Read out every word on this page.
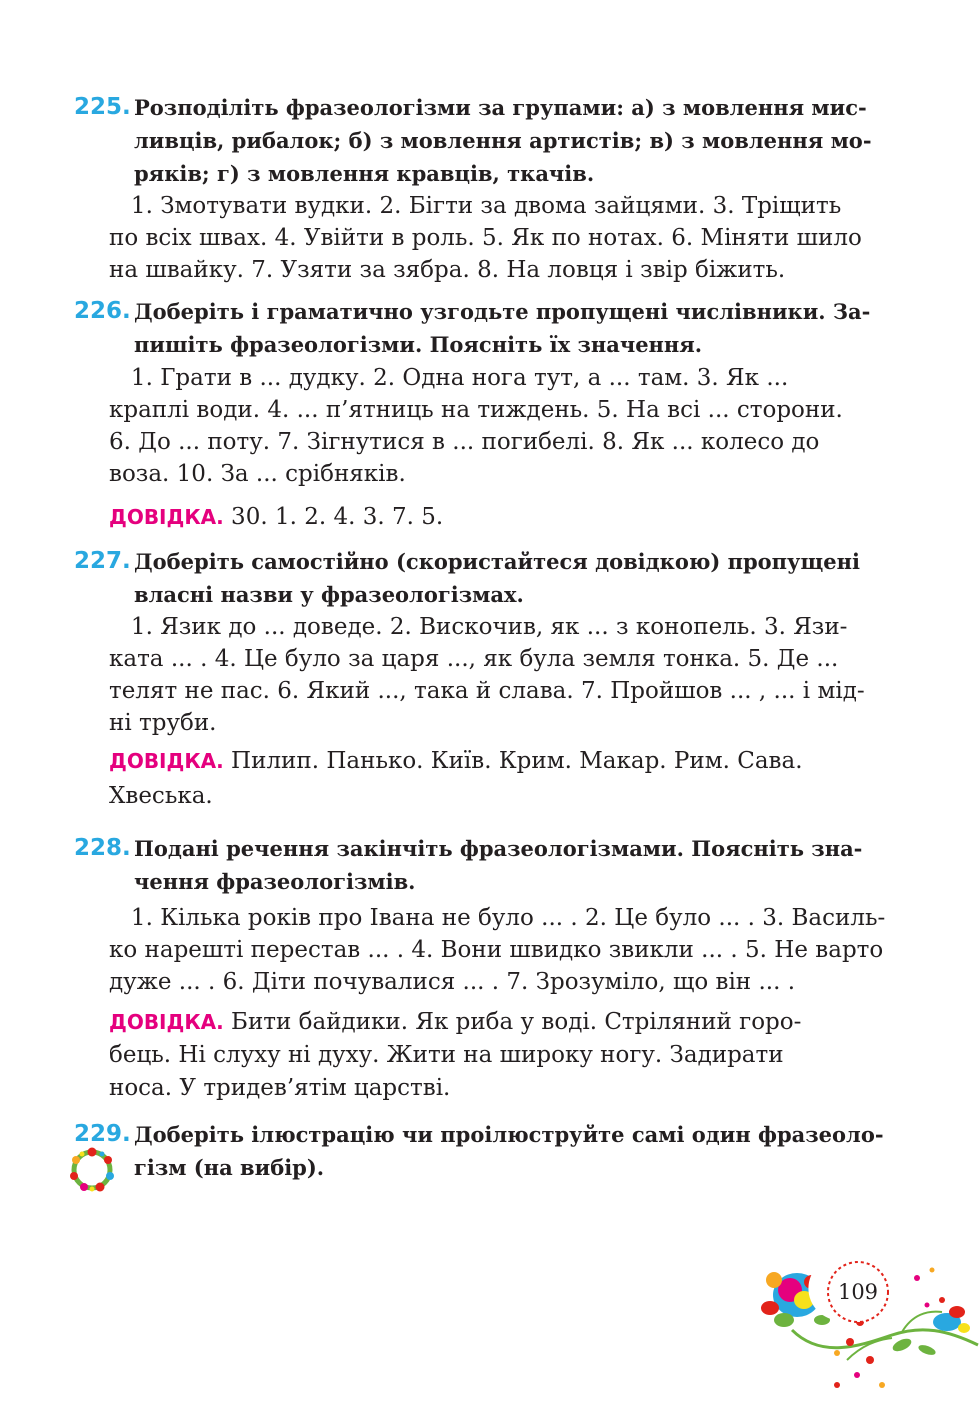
225. Розподіліть фразеологізми за групами: а) з мовлення мис-
ливців, рибалок; б) з мовлення артистів; в) з мовлення мо-
ряків; г) з мовлення кравців, ткачів.
1. Змотувати вудки. 2. Бігти за двома зайцями. 3. Тріщить
по всіх швах. 4. Увійти в роль. 5. Як по нотах. 6. Міняти шило
на швайку. 7. Узяти за зябра. 8. На ловця і звір біжить.
226. Доберіть і граматично узгодьте пропущені числівники. За-
пишіть фразеологізми. Поясніть їх значення.
1. Грати в ... дудку. 2. Одна нога тут, а ... там. 3. Як ...
краплі води. 4. ... п’ятниць на тиждень. 5. На всі ... сторони.
6. До ... поту. 7. Зігнутися в ... погибелі. 8. Як ... колесо до
воза. 10. За ... срібняків.
ДОВІДКА. 30. 1. 2. 4. 3. 7. 5.
227. Доберіть самостійно (скористайтеся довідкою) пропущені
власні назви у фразеологізмах.
1. Язик до ... доведе. 2. Вискочив, як ... з конопель. 3. Язи-
ката ... . 4. Це було за царя ..., як була земля тонка. 5. Де ...
телят не пас. 6. Який ..., така й слава. 7. Пройшов ... , ... і мід-
ні труби.
ДОВІДКА. Пилип. Панько. Київ. Крим. Макар. Рим. Сава.
Хвеська.
228. Подані речення закінчіть фразеологізмами. Поясніть зна-
чення фразеологізмів.
1. Кілька років про Івана не було ... . 2. Це було ... . 3. Василь-
ко нарешті перестав ... . 4. Вони швидко звикли ... . 5. Не варто
дуже ... . 6. Діти почувалися ... . 7. Зрозуміло, що він ... .
ДОВІДКА. Бити байдики. Як риба у воді. Стріляний горо-
бець. Ні слуху ні духу. Жити на широку ногу. Задирати
носа. У тридев’ятім царстві.
229. Доберіть ілюстрацію чи проілюструйте самі один фразеоло-
гізм (на вибір).
109
